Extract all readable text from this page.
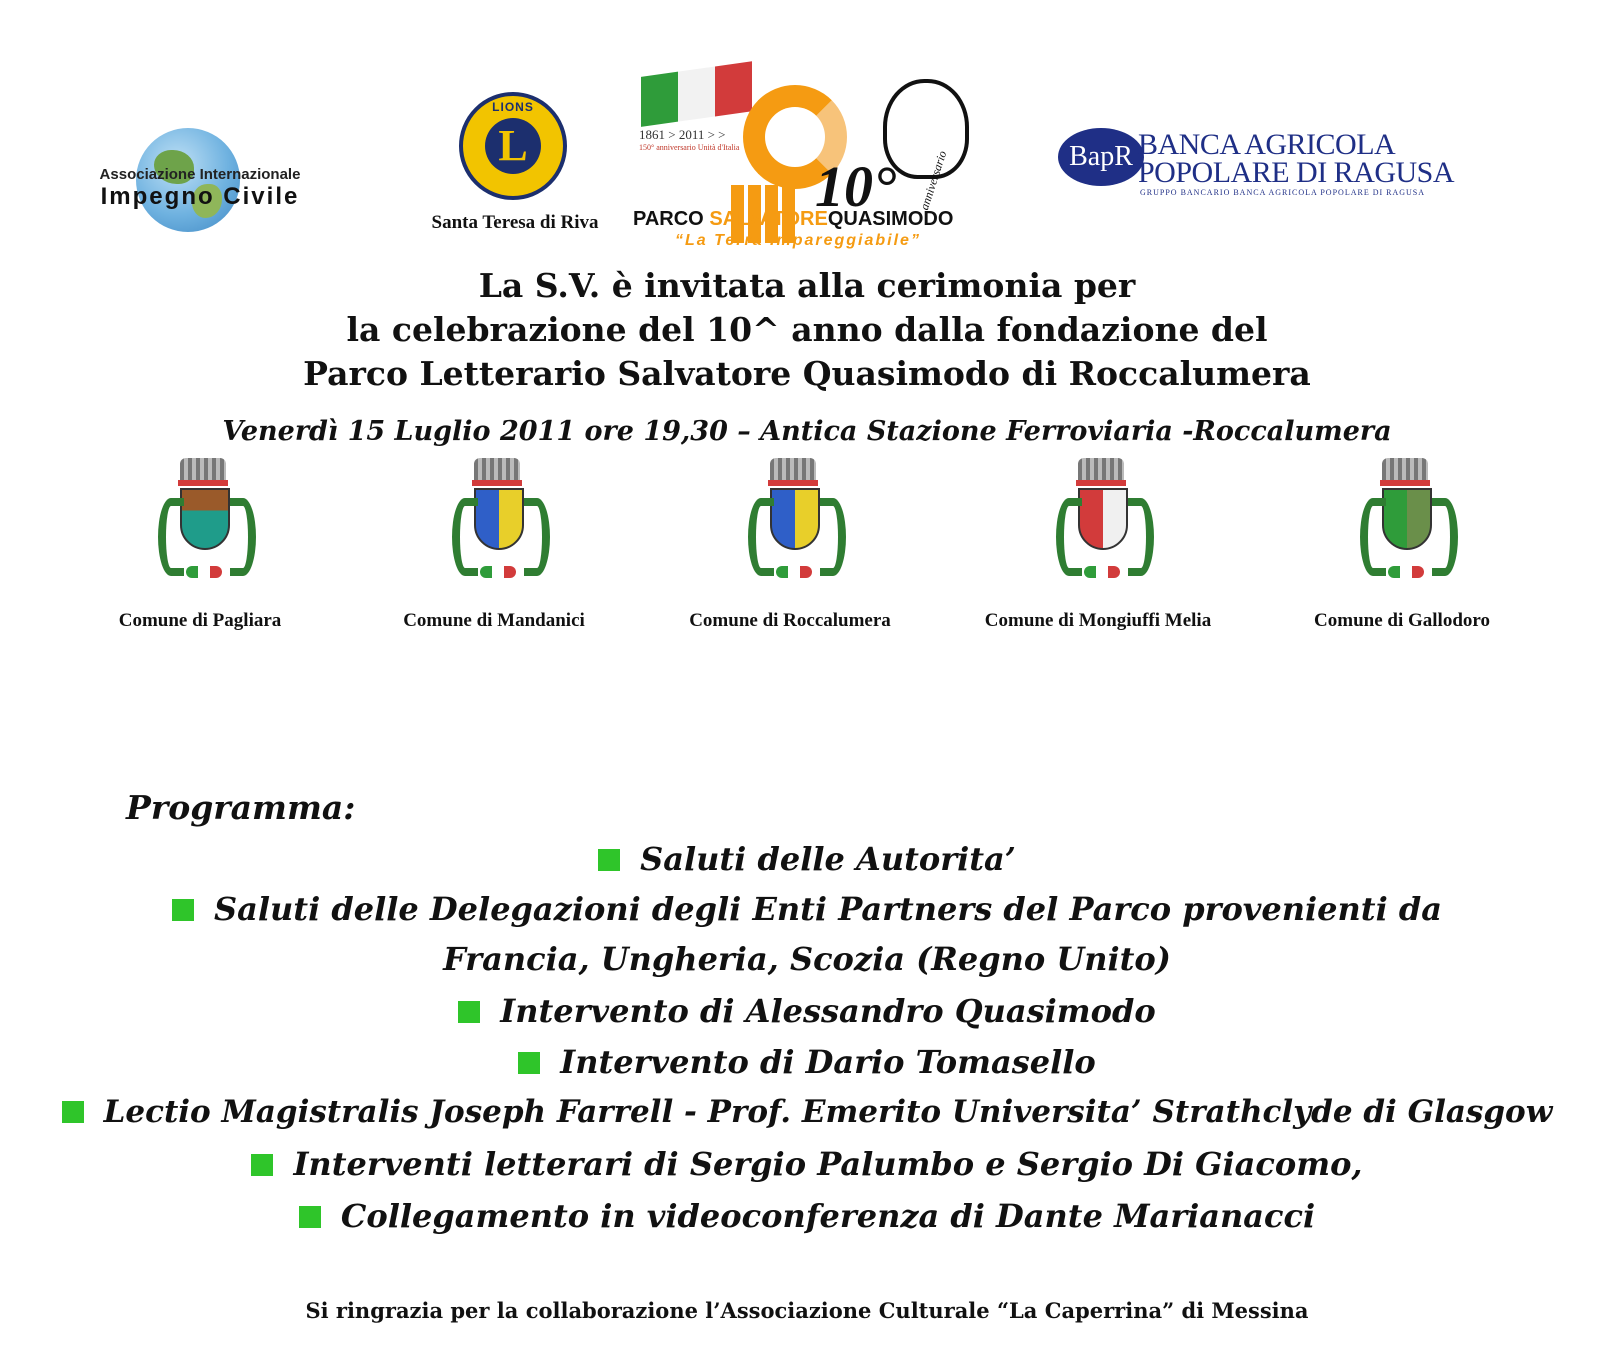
Associazione Internazionale
Impegno Civile
LIONS
L
Santa Teresa di Riva
1861 > 2011 > >
150° anniversario Unità d'Italia
10° anniversario
PARCO SALVATOREQUASIMODO
“La Terra Impareggiabile”
BapR BANCA AGRICOLA
POPOLARE DI RAGUSA
GRUPPO BANCARIO BANCA AGRICOLA POPOLARE DI RAGUSA
La S.V. è invitata alla cerimonia per
la celebrazione del 10^ anno dalla fondazione del
Parco Letterario Salvatore Quasimodo di Roccalumera
Venerdì 15 Luglio 2011 ore 19,30 – Antica Stazione Ferroviaria -Roccalumera
Comune di Pagliara	Comune di Mandanici	Comune di Roccalumera	Comune di Mongiuffi Melia	Comune di Gallodoro
Programma:
Saluti delle Autorita’
Saluti delle Delegazioni degli Enti Partners del Parco provenienti da
Francia, Ungheria, Scozia (Regno Unito)
Intervento di Alessandro Quasimodo
Intervento di Dario Tomasello
Lectio Magistralis Joseph Farrell - Prof. Emerito Universita’ Strathclyde di Glasgow
Interventi letterari di Sergio Palumbo e Sergio Di Giacomo,
Collegamento in videoconferenza di Dante Marianacci
Si ringrazia per la collaborazione l’Associazione Culturale “La Caperrina” di Messina
